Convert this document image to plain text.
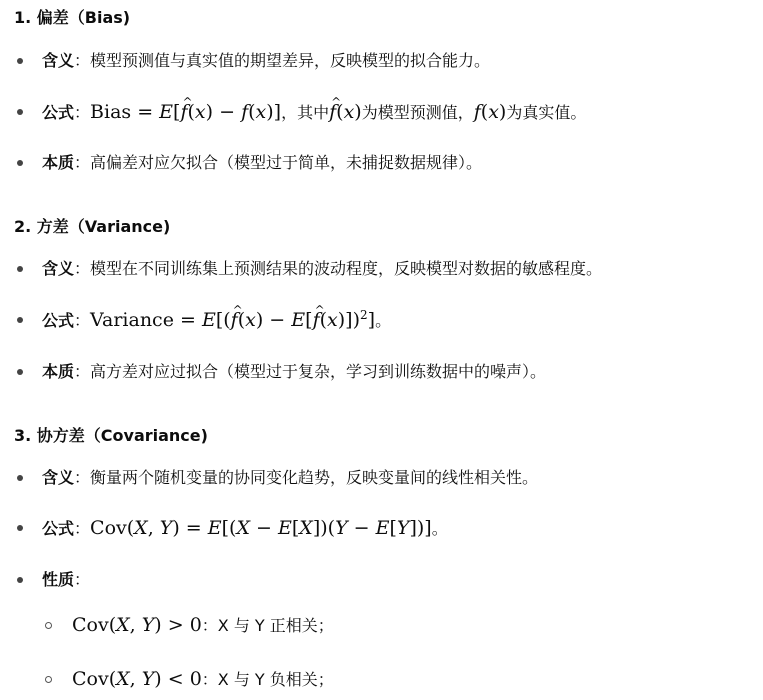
1. 偏差（Bias)
含义：模型预测值与真实值的期望差异，反映模型的拟合能力。
公式：Bias = E[^ f(x) − f(x)]，其中^ f(x)为模型预测值，f(x)为真实值。
本质：高偏差对应欠拟合（模型过于简单，未捕捉数据规律）。
2. 方差（Variance)
含义：模型在不同训练集上预测结果的波动程度，反映模型对数据的敏感程度。
公式：Variance = E[(^ f(x) − E[^ f(x)])$^2$]。
本质：高方差对应过拟合（模型过于复杂，学习到训练数据中的噪声）。
3. 协方差（Covariance)
含义：衡量两个随机变量的协同变化趋势，反映变量间的线性相关性。
公式：Cov(X, Y) = E[(X − E[X])(Y − E[Y])]。
性质：
Cov(X, Y) > 0：X 与 Y 正相关；
Cov(X, Y) < 0：X 与 Y 负相关；
